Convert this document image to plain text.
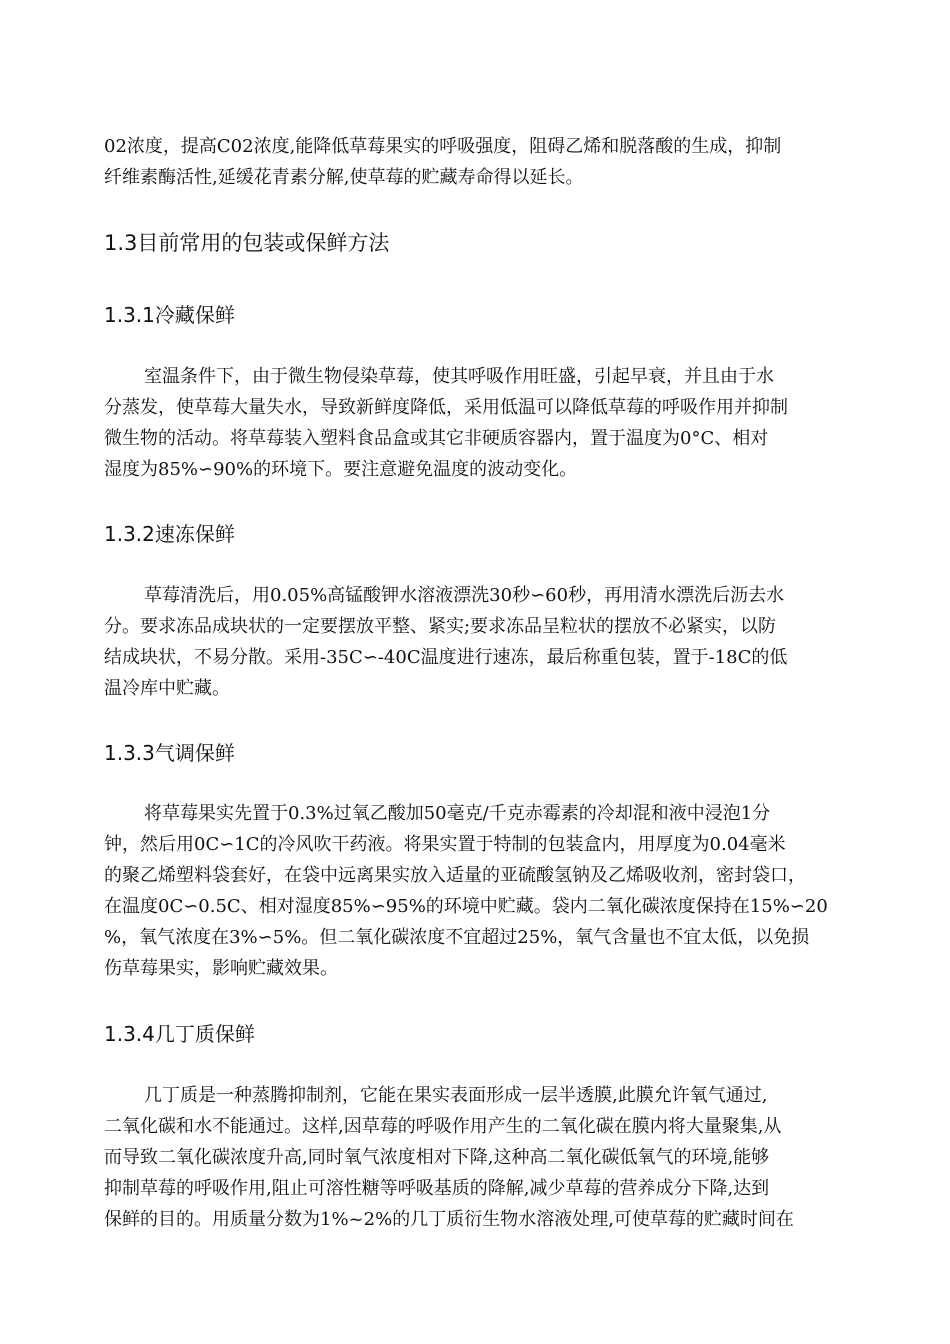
02浓度，提高C02浓度,能降低草莓果实的呼吸强度，阻碍乙烯和脱落酸的生成，抑制
纤维素酶活性,延缓花青素分解,使草莓的贮藏寿命得以延长。

1.3目前常用的包装或保鲜方法
1.3.1冷藏保鲜

室温条件下，由于微生物侵染草莓，使其呼吸作用旺盛，引起早衰，并且由于水
分蒸发，使草莓大量失水，导致新鲜度降低，采用低温可以降低草莓的呼吸作用并抑制
微生物的活动。将草莓装入塑料食品盒或其它非硬质容器内，置于温度为0°C、相对
湿度为85%∽90%的环境下。要注意避免温度的波动变化。

1.3.2速冻保鲜

草莓清洗后，用0.05%高锰酸钾水溶液漂洗30秒∽60秒，再用清水漂洗后沥去水
分。要求冻品成块状的一定要摆放平整、紧实;要求冻品呈粒状的摆放不必紧实，以防
结成块状，不易分散。采用-35C∽-40C温度进行速冻，最后称重包装，置于-18C的低
温冷库中贮藏。

1.3.3气调保鲜

将草莓果实先置于0.3%过氧乙酸加50毫克/千克赤霉素的冷却混和液中浸泡1分
钟，然后用0C∽1C的冷风吹干药液。将果实置于特制的包装盒内，用厚度为0.04毫米
的聚乙烯塑料袋套好，在袋中远离果实放入适量的亚硫酸氢钠及乙烯吸收剂，密封袋口，
在温度0C∽0.5C、相对湿度85%∽95%的环境中贮藏。袋内二氧化碳浓度保持在15%∽20
%，氧气浓度在3%∽5%。但二氧化碳浓度不宜超过25%，氧气含量也不宜太低，以免损
伤草莓果实，影响贮藏效果。

1.3.4几丁质保鲜

几丁质是一种蒸腾抑制剂，它能在果实表面形成一层半透膜,此膜允许氧气通过,
二氧化碳和水不能通过。这样,因草莓的呼吸作用产生的二氧化碳在膜内将大量聚集,从
而导致二氧化碳浓度升高,同时氧气浓度相对下降,这种高二氧化碳低氧气的环境,能够
抑制草莓的呼吸作用,阻止可溶性糖等呼吸基质的降解,减少草莓的营养成分下降,达到
保鲜的目的。用质量分数为1%~2%的几丁质衍生物水溶液处理,可使草莓的贮藏时间在
